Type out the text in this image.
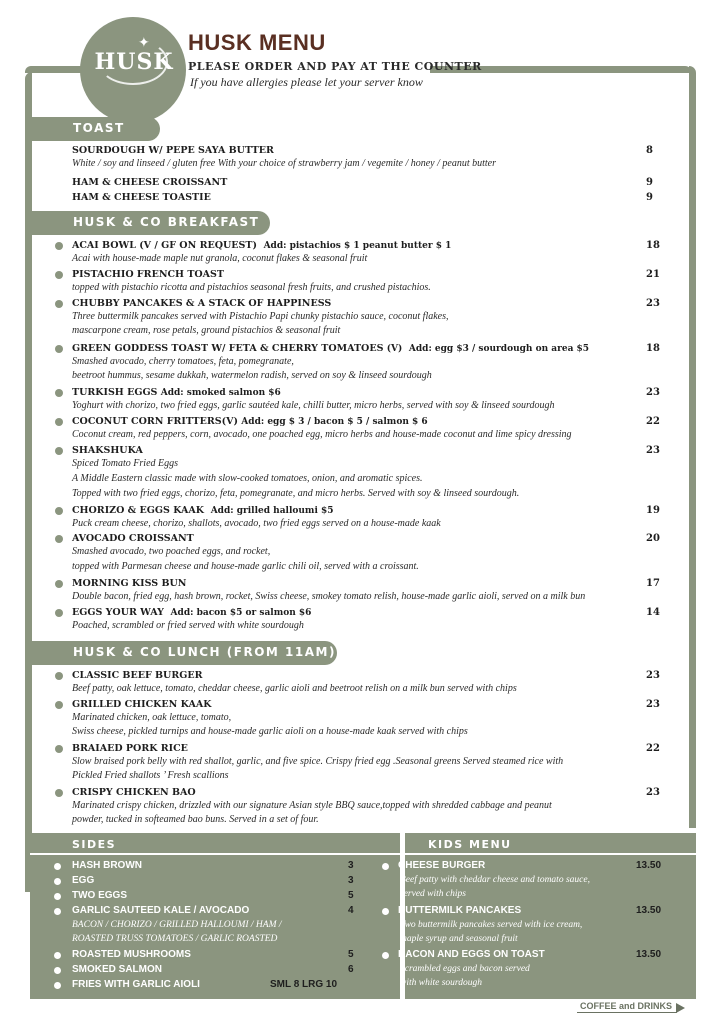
✦
HUSK
HUSK MENU
PLEASE ORDER AND PAY AT THE COUNTER
If you have allergies please let your server know
TOAST
SOURDOUGH W/ PEPE SAYA BUTTER	8
White / soy and linseed / gluten free With your choice of strawberry jam / vegemite / honey / peanut butter
HAM & CHEESE CROISSANT	9
HAM & CHEESE TOASTIE	9
HUSK & CO BREAKFAST
ACAI BOWL (V / GF ON REQUEST) Add: pistachios $ 1 peanut butter $ 1	18
Acai with house-made maple nut granola, coconut flakes & seasonal fruit
PISTACHIO FRENCH TOAST	21
topped with pistachio ricotta and pistachios seasonal fresh fruits, and crushed pistachios.
CHUBBY PANCAKES & A STACK OF HAPPINESS	23
Three buttermilk pancakes served with Pistachio Papi chunky pistachio sauce, coconut flakes,
mascarpone cream, rose petals, ground pistachios & seasonal fruit
GREEN GODDESS TOAST W/ FETA & CHERRY TOMATOES (V) Add: egg $3 / sourdough on area $5	18
Smashed avocado, cherry tomatoes, feta, pomegranate,
beetroot hummus, sesame dukkah, watermelon radish, served on soy & linseed sourdough
TURKISH EGGS Add: smoked salmon $6	23
Yoghurt with chorizo, two fried eggs, garlic sautéed kale, chilli butter, micro herbs, served with soy & linseed sourdough
COCONUT CORN FRITTERS(V) Add: egg $ 3 / bacon $ 5 / salmon $ 6	22
Coconut cream, red peppers, corn, avocado, one poached egg, micro herbs and house-made coconut and lime spicy dressing
SHAKSHUKA	23
Spiced Tomato Fried Eggs
A Middle Eastern classic made with slow-cooked tomatoes, onion, and aromatic spices.
Topped with two fried eggs, chorizo, feta, pomegranate, and micro herbs. Served with soy & linseed sourdough.
CHORIZO & EGGS KAAK Add: grilled halloumi $5	19
Puck cream cheese, chorizo, shallots, avocado, two fried eggs served on a house-made kaak
AVOCADO CROISSANT	20
Smashed avocado, two poached eggs, and rocket,
topped with Parmesan cheese and house-made garlic chili oil, served with a croissant.
MORNING KISS BUN	17
Double bacon, fried egg, hash brown, rocket, Swiss cheese, smokey tomato relish, house-made garlic aioli, served on a milk bun
EGGS YOUR WAY Add: bacon $5 or salmon $6	14
Poached, scrambled or fried served with white sourdough
HUSK & CO LUNCH (FROM 11AM)
CLASSIC BEEF BURGER	23
Beef patty, oak lettuce, tomato, cheddar cheese, garlic aioli and beetroot relish on a milk bun served with chips
GRILLED CHICKEN KAAK	23
Marinated chicken, oak lettuce, tomato,
Swiss cheese, pickled turnips and house-made garlic aioli on a house-made kaak served with chips
BRAIAED PORK RICE	22
Slow braised pork belly with red shallot, garlic, and five spice. Crispy fried egg .Seasonal greens Served steamed rice with
Pickled Fried shallots ’ Fresh scallions
CRISPY CHICKEN BAO	23
Marinated crispy chicken, drizzled with our signature Asian style BBQ sauce,topped with shredded cabbage and peanut
powder, tucked in softeamed bao buns. Served in a set of four.
SIDES	KIDS MENU
HASH BROWN	3
EGG	3
TWO EGGS	5
GARLIC SAUTEED KALE / AVOCADO	4
BACON / CHORIZO / GRILLED HALLOUMI / HAM /
ROASTED TRUSS TOMATOES / GARLIC ROASTED
ROASTED MUSHROOMS	5
SMOKED SALMON	6
FRIES WITH GARLIC AIOLI	SML 8 LRG 10
CHEESE BURGER	13.50
Beef patty with cheddar cheese and tomato sauce,
served with chips
BUTTERMILK PANCAKES	13.50
Two buttermilk pancakes served with ice cream,
maple syrup and seasonal fruit
BACON AND EGGS ON TOAST	13.50
Scrambled eggs and bacon served
with white sourdough
COFFEE and DRINKS
